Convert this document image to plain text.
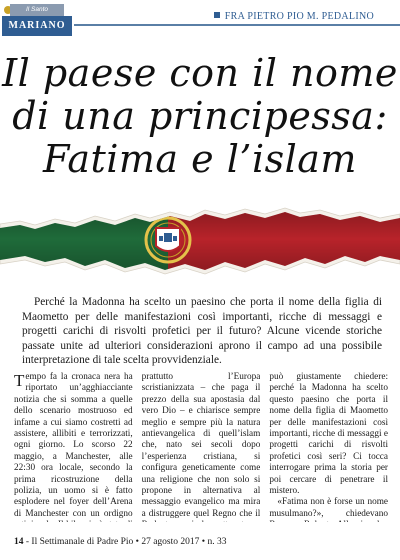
Il Santo
MARIANO
FRA PIETRO PIO M. PEDALINO
Il paese con il nome
di una principessa:
Fatima e l’islam

Perché la Madonna ha scelto un paesino che porta il nome della figlia di Maometto per delle manifestazioni così importanti, ricche di messaggi e progetti carichi di risvolti profetici per il futuro? Alcune vicende storiche passate unite ad ulteriori considerazioni aprono il campo ad una possibile interpretazione di tale scelta provvidenziale.

Tempo fa la cronaca nera ha riportato un’agghiacciante notizia che si somma a quelle dello scenario mostruoso ed infame a cui siamo costretti ad assistere, allibiti e terrorizzati, ogni giorno. Lo scorso 22 maggio, a Manchester, alle 22:30 ora locale, secondo la prima ricostruzione della polizia, un uomo si è fatto esplodere nel foyer dell’Arena di Manchester con un ordigno

prattutto l’Europa scristianizzata – che paga il prezzo della sua apostasia dal vero Dio – e chiariscе sempre meglio e sempre più la natura antievangelica di quell’islam che, nato sei secoli dopo l’esperienza cristiana, si configura geneticamente come una religione che non solo si propone in alternativa al messaggio evangelico ma mira a distruggere quel Regno che il

può giustamente chiedere: perché la Madonna ha scelto questo paesino che porta il nome della figlia di Maometto per delle manifestazioni così importanti, ricche di messaggi e progetti carichi di risvolti profetici così seri? Ci tocca interrogare prima la storia per poi cercare di penetrare il mistero.

«Fatima non è forse un nome musulmano?», chiedevano

14 - Il Settimanale di Padre Pio • 27 agosto 2017 • n. 33
